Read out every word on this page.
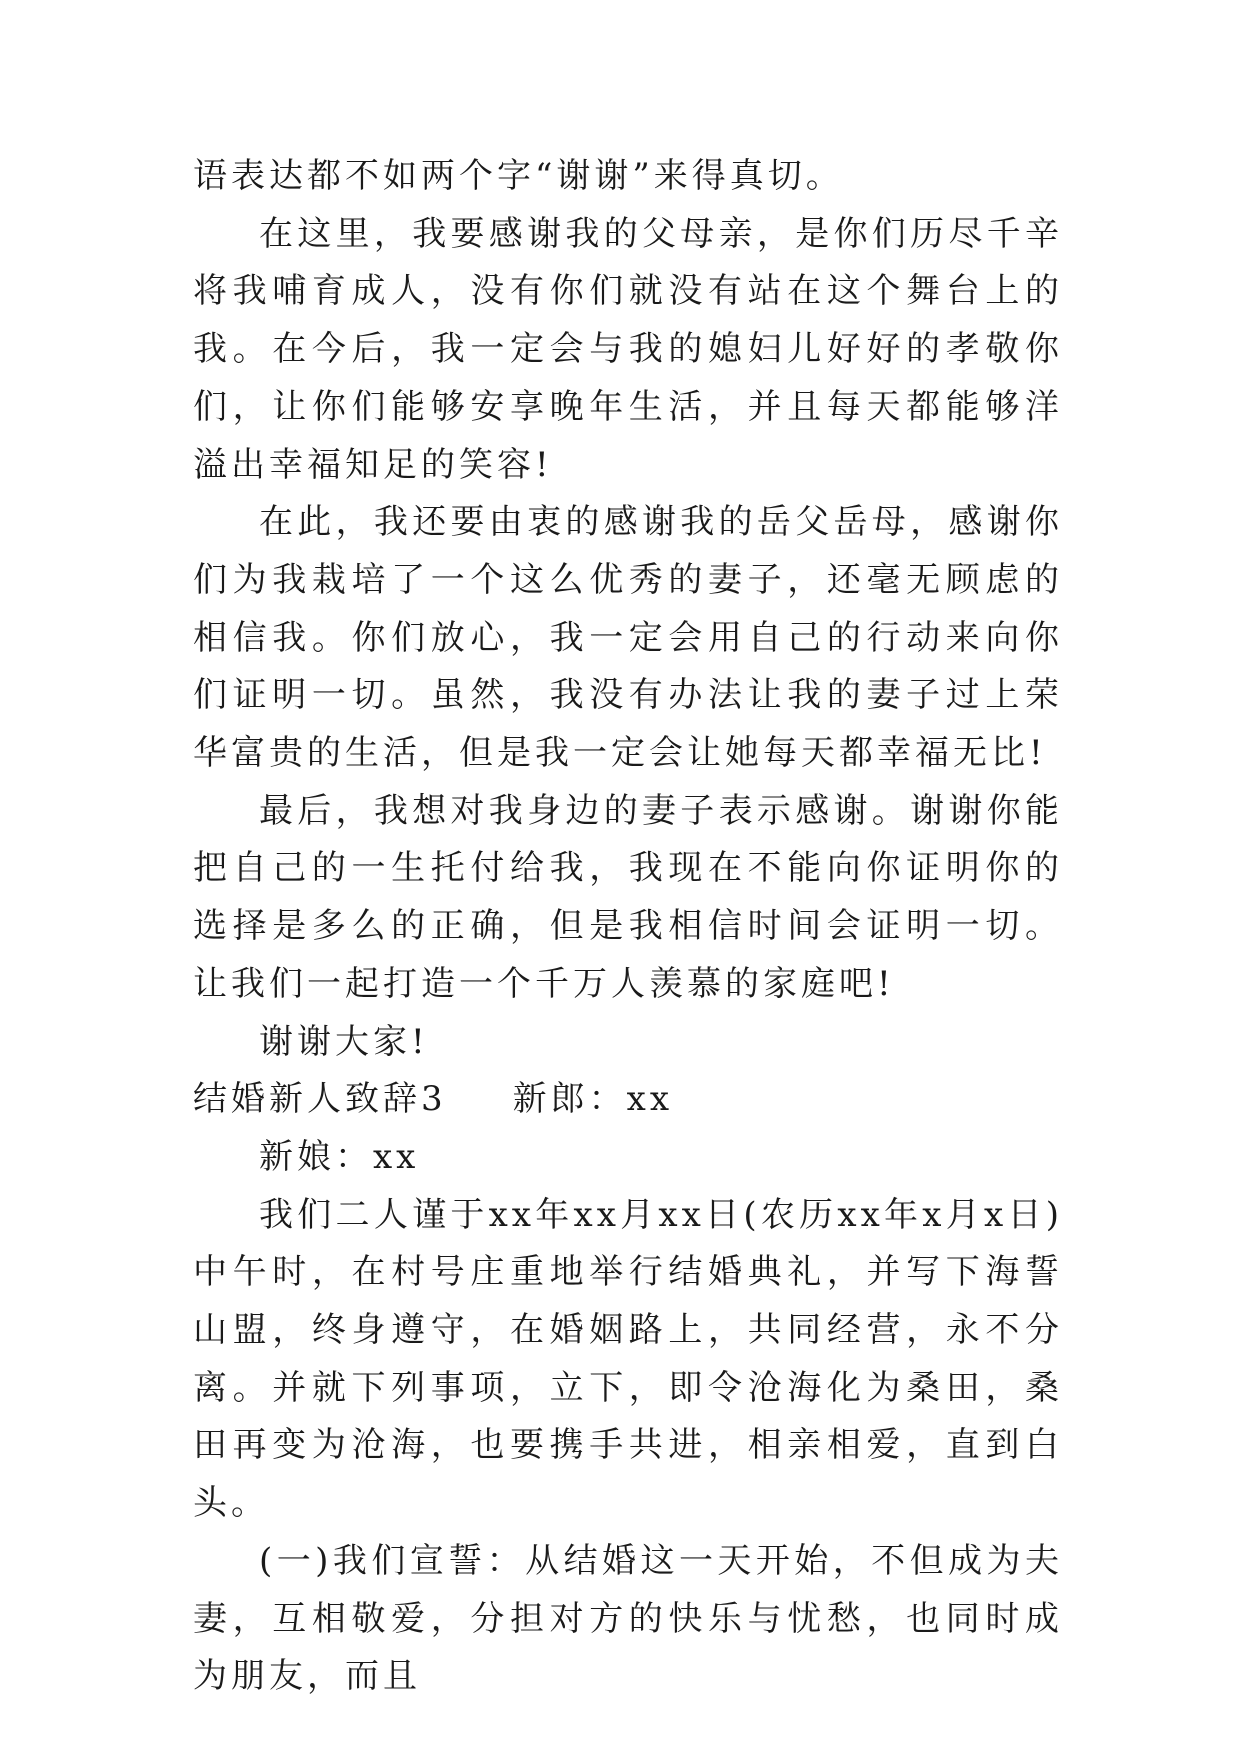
语表达都不如两个字“谢谢”来得真切。

在这里，我要感谢我的父母亲，是你们历尽千辛将我哺育成人，没有你们就没有站在这个舞台上的我。在今后，我一定会与我的媳妇儿好好的孝敬你们，让你们能够安享晚年生活，并且每天都能够洋溢出幸福知足的笑容!

在此，我还要由衷的感谢我的岳父岳母，感谢你们为我栽培了一个这么优秀的妻子，还毫无顾虑的相信我。你们放心，我一定会用自己的行动来向你们证明一切。虽然，我没有办法让我的妻子过上荣华富贵的生活，但是我一定会让她每天都幸福无比!

最后，我想对我身边的妻子表示感谢。谢谢你能把自己的一生托付给我，我现在不能向你证明你的选择是多么的正确，但是我相信时间会证明一切。让我们一起打造一个千万人羡慕的家庭吧!

谢谢大家!

结婚新人致辞3 新郎：xx

新娘：xx

我们二人谨于xx年xx月xx日(农历xx年x月x日)中午时，在村号庄重地举行结婚典礼，并写下海誓山盟，终身遵守，在婚姻路上，共同经营，永不分离。并就下列事项，立下，即令沧海化为桑田，桑田再变为沧海，也要携手共进，相亲相爱，直到白头。

(一)我们宣誓：从结婚这一天开始，不但成为夫妻，互相敬爱，分担对方的快乐与忧愁，也同时成为朋友，而且
